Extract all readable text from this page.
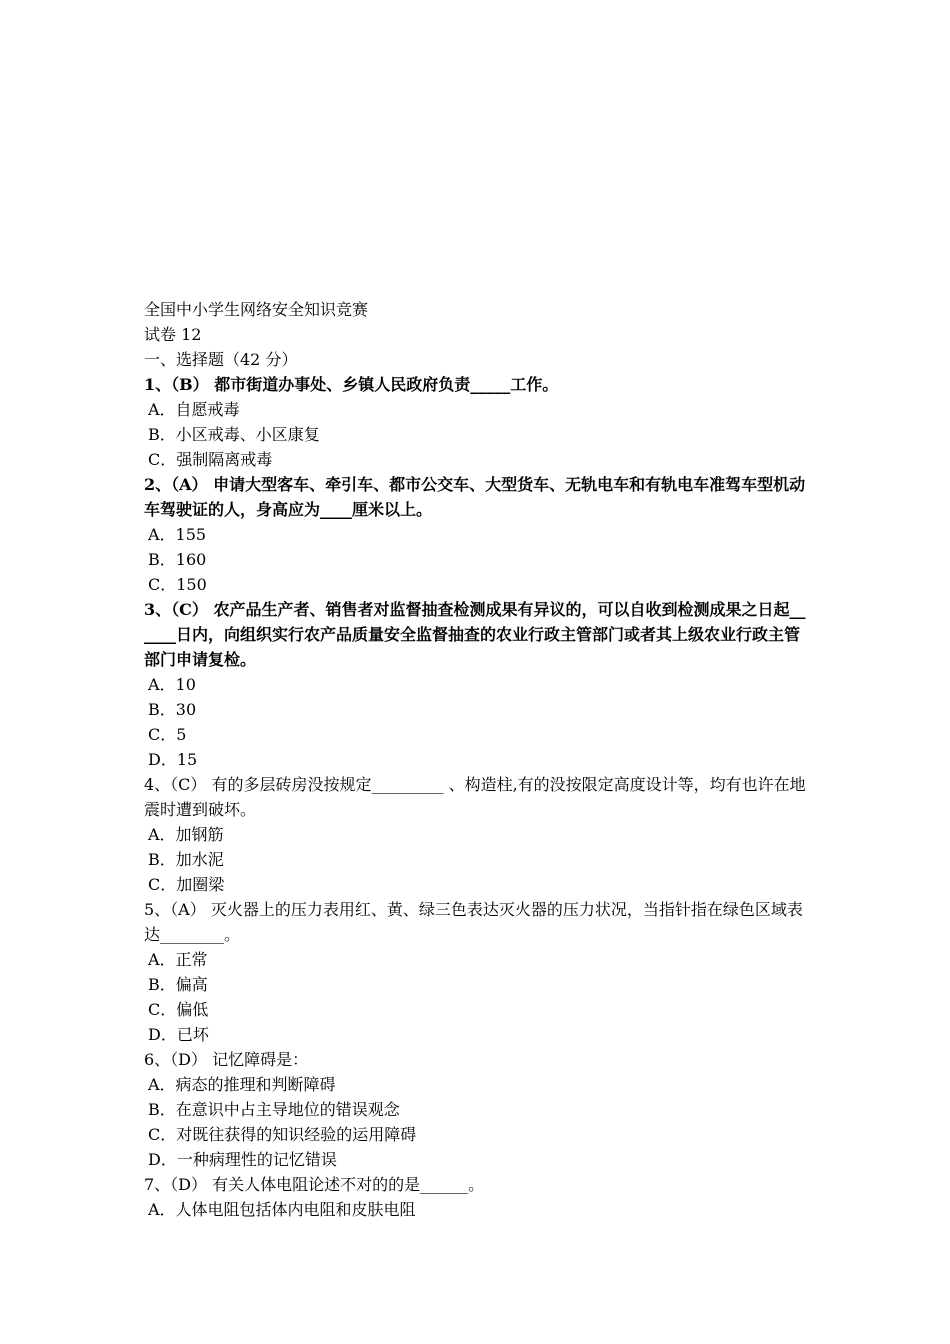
全国中小学生网络安全知识竞赛
试卷 12
一、选择题（42 分）
1、（B） 都市街道办事处、乡镇人民政府负责_____工作。
A．自愿戒毒
B．小区戒毒、小区康复
C．强制隔离戒毒
2、（A） 申请大型客车、牵引车、都市公交车、大型货车、无轨电车和有轨电车准驾车型机动车驾驶证的人，身高应为____厘米以上。
A．155
B．160
C．150
3、（C） 农产品生产者、销售者对监督抽查检测成果有异议的，可以自收到检测成果之日起______日内，向组织实行农产品质量安全监督抽查的农业行政主管部门或者其上级农业行政主管部门申请复检。
A．10
B．30
C．5
D．15
4、（C） 有的多层砖房没按规定_________ 、构造柱,有的没按限定高度设计等，均有也许在地震时遭到破坏。
A．加钢筋
B．加水泥
C．加圈梁
5、（A） 灭火器上的压力表用红、黄、绿三色表达灭火器的压力状况，当指针指在绿色区域表达________。
A．正常
B．偏高
C．偏低
D．已坏
6、（D） 记忆障碍是：
A．病态的推理和判断障碍
B．在意识中占主导地位的错误观念
C．对既往获得的知识经验的运用障碍
D．一种病理性的记忆错误
7、（D） 有关人体电阻论述不对的的是______。
A．人体电阻包括体内电阻和皮肤电阻
